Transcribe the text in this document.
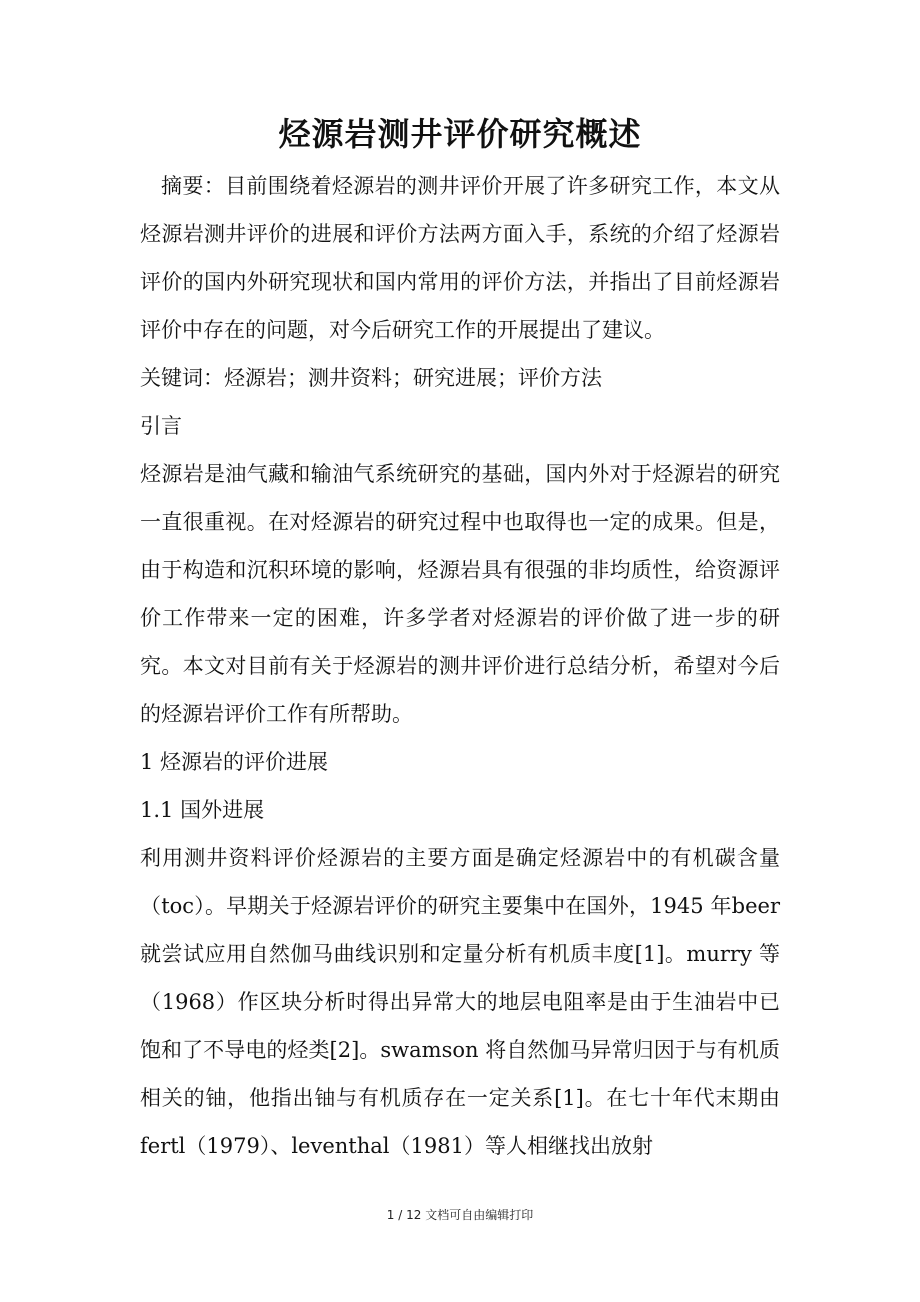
烃源岩测井评价研究概述

摘要：目前围绕着烃源岩的测井评价开展了许多研究工作，本文从烃源岩测井评价的进展和评价方法两方面入手，系统的介绍了烃源岩评价的国内外研究现状和国内常用的评价方法，并指出了目前烃源岩评价中存在的问题，对今后研究工作的开展提出了建议。

关键词：烃源岩；测井资料；研究进展；评价方法

引言

烃源岩是油气藏和输油气系统研究的基础，国内外对于烃源岩的研究一直很重视。在对烃源岩的研究过程中也取得也一定的成果。但是，由于构造和沉积环境的影响，烃源岩具有很强的非均质性，给资源评价工作带来一定的困难，许多学者对烃源岩的评价做了进一步的研究。本文对目前有关于烃源岩的测井评价进行总结分析，希望对今后的烃源岩评价工作有所帮助。

1 烃源岩的评价进展

1.1 国外进展

利用测井资料评价烃源岩的主要方面是确定烃源岩中的有机碳含量（toc）。早期关于烃源岩评价的研究主要集中在国外，1945 年beer 就尝试应用自然伽马曲线识别和定量分析有机质丰度[1]。murry 等（1968）作区块分析时得出异常大的地层电阻率是由于生油岩中已饱和了不导电的烃类[2]。swamson 将自然伽马异常归因于与有机质相关的铀，他指出铀与有机质存在一定关系[1]。在七十年代末期由 fertl（1979）、leventhal（1981）等人相继找出放射

1 / 12 文档可自由编辑打印
